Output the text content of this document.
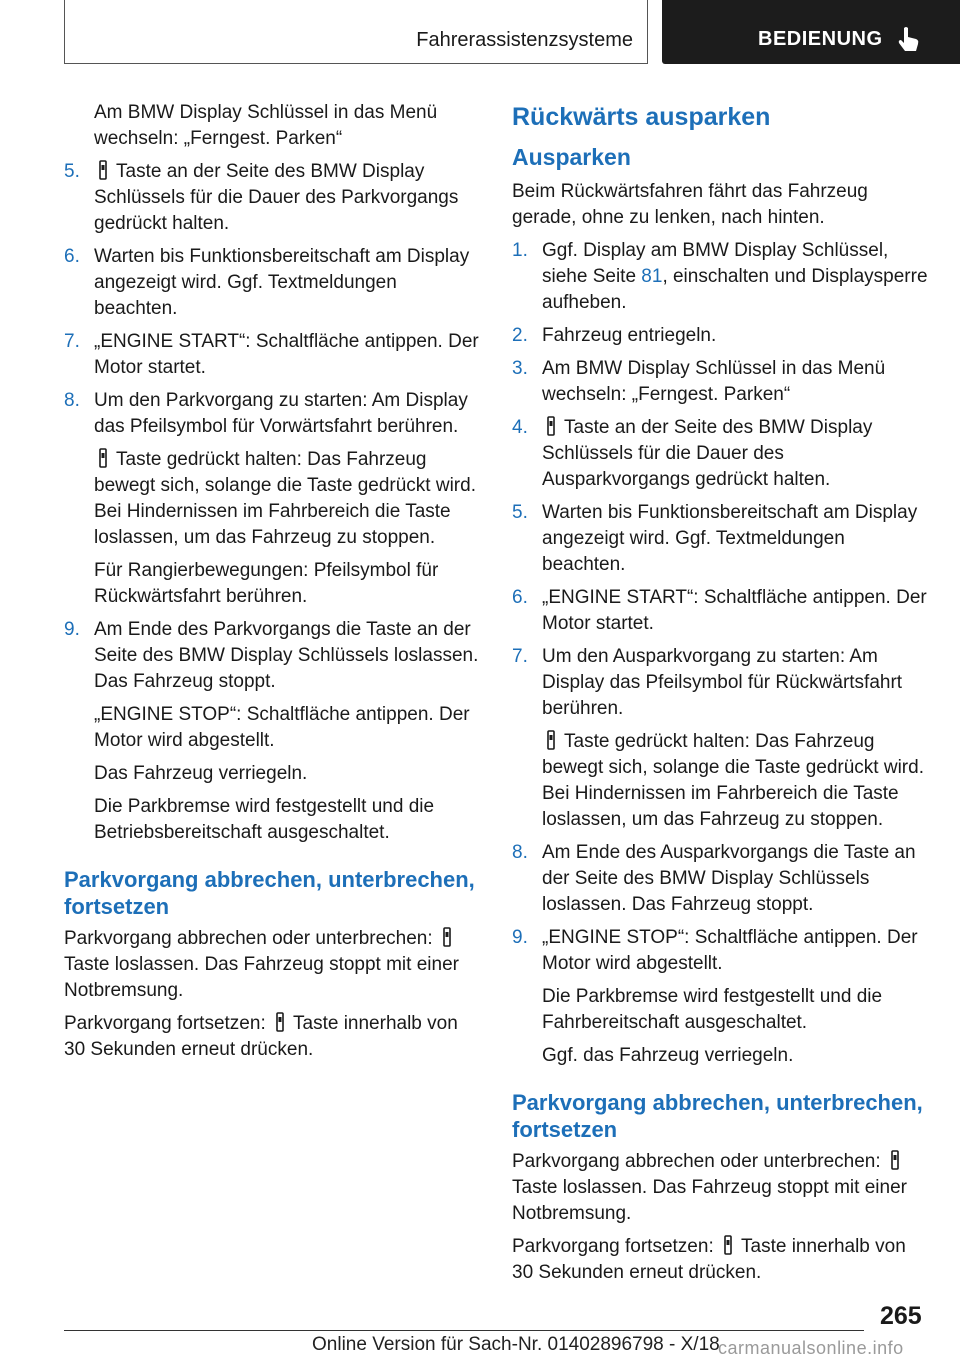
Fahrerassistenzsysteme	BEDIENUNG

Am BMW Display Schlüssel in das Menü wechseln: „Ferngest. Parken“

5. Taste an der Seite des BMW Display Schlüssels für die Dauer des Parkvorgangs gedrückt halten.
6. Warten bis Funktionsbereitschaft am Display angezeigt wird. Ggf. Textmeldungen beachten.
7. „ENGINE START“: Schaltfläche antippen. Der Motor startet.
8. Um den Parkvorgang zu starten: Am Display das Pfeilsymbol für Vorwärtsfahrt berühren.

Taste gedrückt halten: Das Fahrzeug bewegt sich, solange die Taste gedrückt wird. Bei Hindernissen im Fahrbereich die Taste loslassen, um das Fahrzeug zu stoppen.

Für Rangierbewegungen: Pfeilsymbol für Rückwärtsfahrt berühren.

9. Am Ende des Parkvorgangs die Taste an der Seite des BMW Display Schlüssels loslassen. Das Fahrzeug stoppt.

„ENGINE STOP“: Schaltfläche antippen. Der Motor wird abgestellt.

Das Fahrzeug verriegeln.

Die Parkbremse wird festgestellt und die Betriebsbereitschaft ausgeschaltet.

Parkvorgang abbrechen, unterbrechen, fortsetzen

Parkvorgang abbrechen oder unterbrechen: Taste loslassen. Das Fahrzeug stoppt mit einer Notbremsung.

Parkvorgang fortsetzen: Taste innerhalb von 30 Sekunden erneut drücken.

Rückwärts ausparken
Ausparken

Beim Rückwärtsfahren fährt das Fahrzeug gerade, ohne zu lenken, nach hinten.

1. Ggf. Display am BMW Display Schlüssel, siehe Seite 81, einschalten und Displaysperre aufheben.
2. Fahrzeug entriegeln.
3. Am BMW Display Schlüssel in das Menü wechseln: „Ferngest. Parken“
4. Taste an der Seite des BMW Display Schlüssels für die Dauer des Ausparkvorgangs gedrückt halten.
5. Warten bis Funktionsbereitschaft am Display angezeigt wird. Ggf. Textmeldungen beachten.
6. „ENGINE START“: Schaltfläche antippen. Der Motor startet.
7. Um den Ausparkvorgang zu starten: Am Display das Pfeilsymbol für Rückwärtsfahrt berühren.

Taste gedrückt halten: Das Fahrzeug bewegt sich, solange die Taste gedrückt wird. Bei Hindernissen im Fahrbereich die Taste loslassen, um das Fahrzeug zu stoppen.

8. Am Ende des Ausparkvorgangs die Taste an der Seite des BMW Display Schlüssels loslassen. Das Fahrzeug stoppt.
9. „ENGINE STOP“: Schaltfläche antippen. Der Motor wird abgestellt.

Die Parkbremse wird festgestellt und die Fahrbereitschaft ausgeschaltet.

Ggf. das Fahrzeug verriegeln.

Parkvorgang abbrechen, unterbrechen, fortsetzen

Parkvorgang abbrechen oder unterbrechen: Taste loslassen. Das Fahrzeug stoppt mit einer Notbremsung.

Parkvorgang fortsetzen: Taste innerhalb von 30 Sekunden erneut drücken.

265
Online Version für Sach-Nr. 01402896798 - X/18
carmanualsonline.info
